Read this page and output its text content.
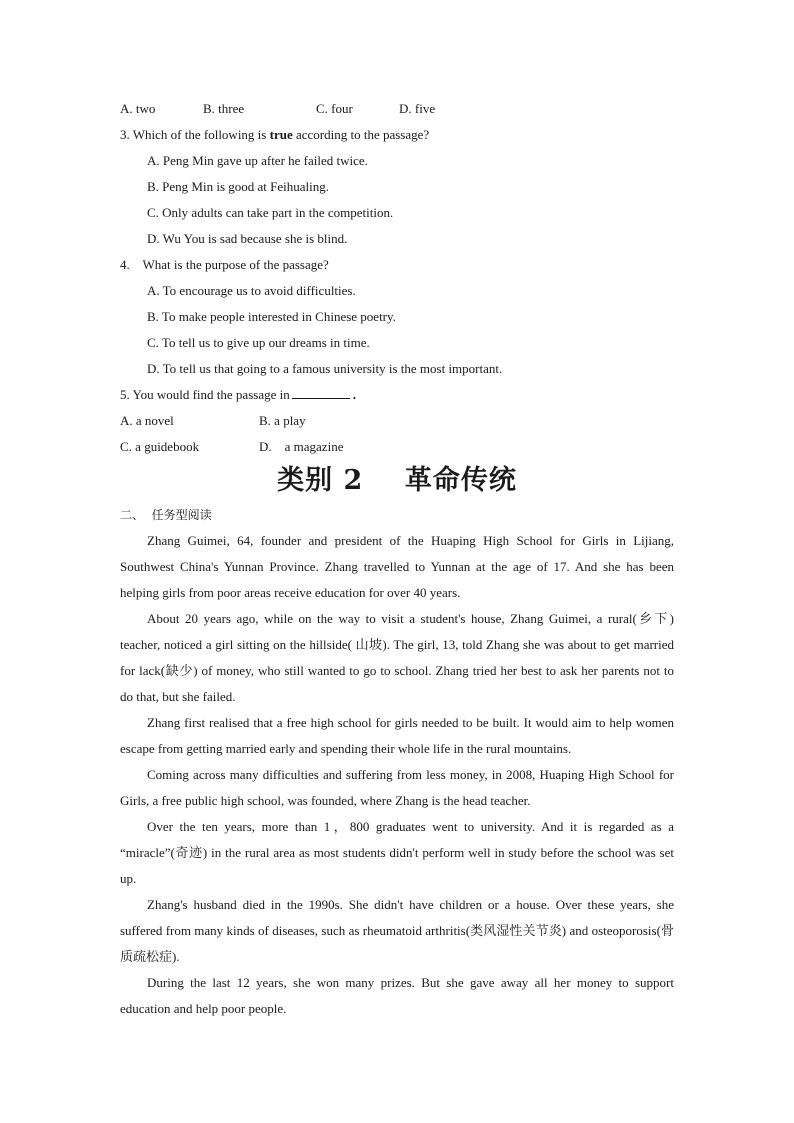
A. two	B. three	C. four	D. five
3. Which of the following is true according to the passage?
A. Peng Min gave up after he failed twice.
B. Peng Min is good at Feihualing.
C. Only adults can take part in the competition.
D. Wu You is sad because she is blind.
4.    What is the purpose of the passage?
A. To encourage us to avoid difficulties.
B. To make people interested in Chinese poetry.
C. To tell us to give up our dreams in time.
D. To tell us that going to a famous university is the most important.
5. You would find the passage in	.
A. a novel	B. a play
C. a guidebook	D.    a magazine
类别 2    革命传统
二、  任务型阅读

Zhang Guimei, 64, founder and president of the Huaping High School for Girls in Lijiang, Southwest China's Yunnan Province. Zhang travelled to Yunnan at the age of 17. And she has been helping girls from poor areas receive education for over 40 years.

About 20 years ago, while on the way to visit a student's house, Zhang Guimei, a rural(乡下) teacher, noticed a girl sitting on the hillside( 山坡). The girl, 13, told Zhang she was about to get married for lack(缺少) of money, who still wanted to go to school. Zhang tried her best to ask her parents not to do that, but she failed.

Zhang first realised that a free high school for girls needed to be built. It would aim to help women escape from getting married early and spending their whole life in the rural mountains.

Coming across many difficulties and suffering from less money, in 2008, Huaping High School for Girls, a free public high school, was founded, where Zhang is the head teacher.

Over the ten years, more than 1，800 graduates went to university. And it is regarded as a “miracle”(奇迹) in the rural area as most students didn't perform well in study before the school was set up.

Zhang's husband died in the 1990s. She didn't have children or a house. Over these years, she suffered from many kinds of diseases, such as rheumatoid arthritis(类风湿性关节炎) and osteoporosis(骨质疏松症).

During the last 12 years, she won many prizes. But she gave away all her money to support education and help poor people.
